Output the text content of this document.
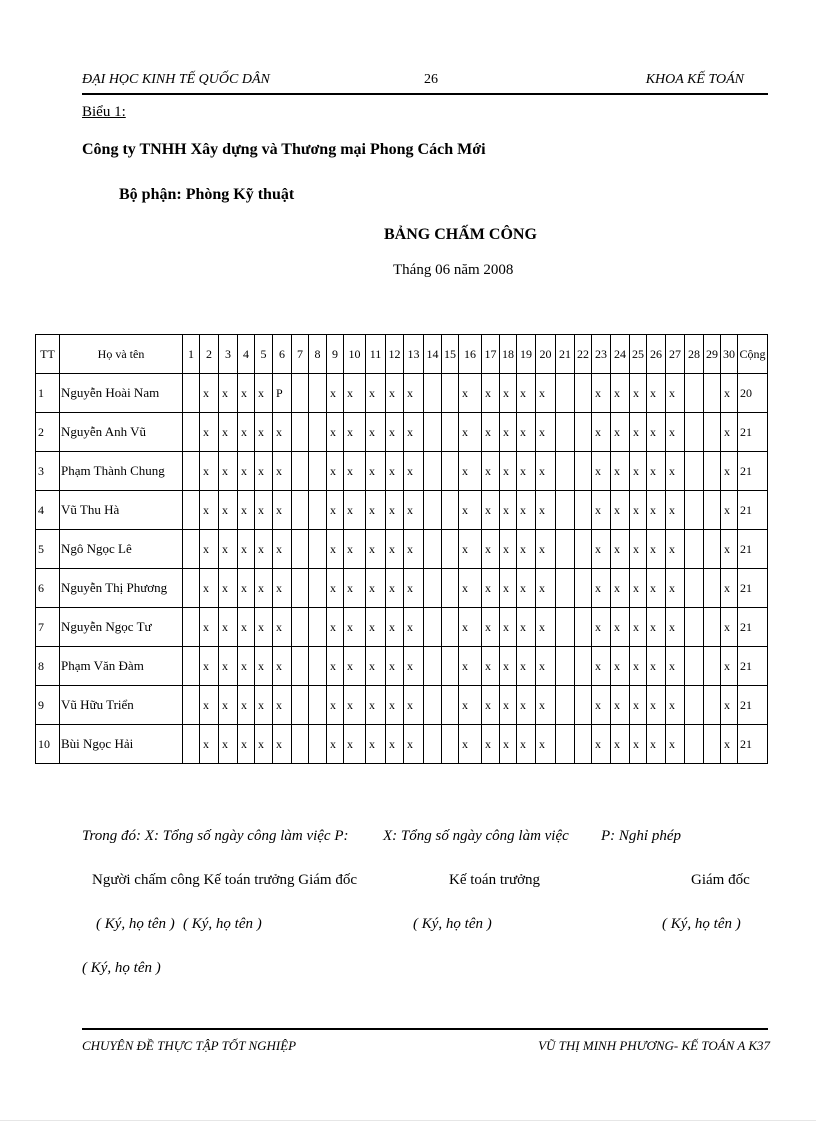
ĐẠI HỌC KINH TẾ QUỐC DÂN	26	KHOA KẾ TOÁN
Biểu 1:
Công ty TNHH Xây dựng và Thương mại Phong Cách Mới
Bộ phận: Phòng Kỹ thuật
BẢNG CHẤM CÔNG
Tháng 06 năm 2008
TT	Họ và tên	1	2	3	4	5	6	7	8	9	10	11	12	13	14	15	16	17	18	19	20	21	22	23	24	25	26	27	28	29	30	Cộng
1	Nguyễn Hoài Nam		x	x	x	x	P			x	x	x	x	x			x	x	x	x	x			x	x	x	x	x			x	20
2	Nguyễn Anh Vũ		x	x	x	x	x			x	x	x	x	x			x	x	x	x	x			x	x	x	x	x			x	21
3	Phạm Thành Chung		x	x	x	x	x			x	x	x	x	x			x	x	x	x	x			x	x	x	x	x			x	21
4	Vũ Thu Hà		x	x	x	x	x			x	x	x	x	x			x	x	x	x	x			x	x	x	x	x			x	21
5	Ngô Ngọc Lê		x	x	x	x	x			x	x	x	x	x			x	x	x	x	x			x	x	x	x	x			x	21
6	Nguyễn Thị Phương		x	x	x	x	x			x	x	x	x	x			x	x	x	x	x			x	x	x	x	x			x	21
7	Nguyễn Ngọc Tư		x	x	x	x	x			x	x	x	x	x			x	x	x	x	x			x	x	x	x	x			x	21
8	Phạm Văn Đàm		x	x	x	x	x			x	x	x	x	x			x	x	x	x	x			x	x	x	x	x			x	21
9	Vũ Hữu Triển		x	x	x	x	x			x	x	x	x	x			x	x	x	x	x			x	x	x	x	x			x	21
10	Bùi Ngọc Hải		x	x	x	x	x			x	x	x	x	x			x	x	x	x	x			x	x	x	x	x			x	21
Trong đó: X: Tổng số ngày công làm việc P: X: Tổng số ngày công làm việc P: Nghỉ phép
Người chấm công Kế toán trưởng Giám đốc	Kế toán trưởng	Giám đốc
( Ký, họ tên ) ( Ký, họ tên )	( Ký, họ tên )	( Ký, họ tên )
( Ký, họ tên )
CHUYÊN ĐỀ THỰC TẬP TỐT NGHIỆP	VŨ THỊ MINH PHƯƠNG- KẾ TOÁN A K37
